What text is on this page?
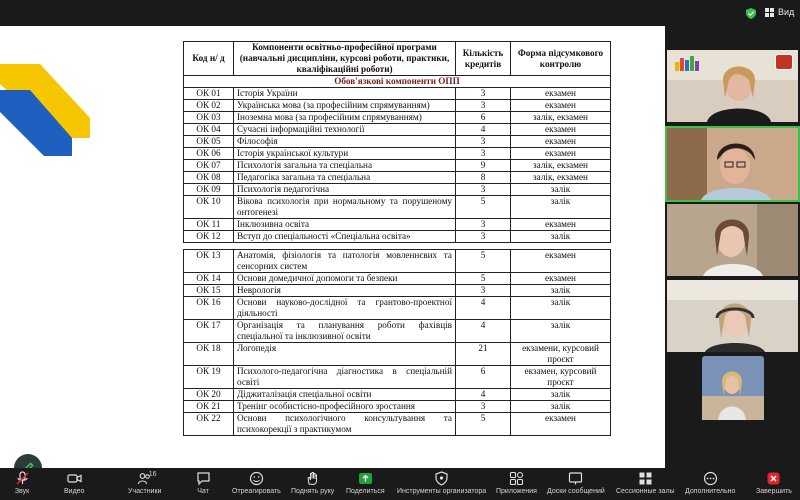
Вид
Код н/ д	Компоненти освітньо-професійної програми (навчальні дисципліни, курсові роботи, практики, кваліфікаційні роботи)	Кількість кредитів	Форма підсумкового контролю
Обов'язкові компоненти ОПП			
ОК 01	Історія України	3	екзамен
ОК 02	Українська мова (за професійним спрямуванням)	3	екзамен
ОК 03	Іноземна мова (за професійним спрямуванням)	6	залік, екзамен
ОК 04	Сучасні інформаційні технології	4	екзамен
ОК 05	Філософія	3	екзамен
ОК 06	Історія української культури	3	екзамен
ОК 07	Психологія загальна та спеціальна	9	залік, екзамен
ОК 08	Педагогіка загальна та спеціальна	8	залік, екзамен
ОК 09	Психологія педагогічна	3	залік
ОК 10	Вікова психологія при нормальному та порушеному онтогенезі	5	залік
ОК 11	Інклюзивна освіта	3	екзамен
ОК 12	Вступ до спеціальності «Спеціальна освіта»	3	залік

ОК 13	Анатомія, фізіологія та патологія мовленнєвих та сенсорних систем	5	екзамен
ОК 14	Основи домедичної допомоги та безпеки	5	екзамен
ОК 15	Неврологія	3	залік
ОК 16	Основи науково-дослідної та грантово-проектної діяльності	4	залік
ОК 17	Організація та планування роботи фахівців спеціальної та інклюзивної освіти	4	залік
ОК 18	Логопедія	21	екзамени, курсовий проєкт
ОК 19	Психолого-педагогічна діагностика в спеціальній освіті	6	екзамен, курсовий проєкт
ОК 20	Діджиталізація спеціальної освіти	4	залік
ОК 21	Тренінг особистісно-професійного зростання	3	залік
ОК 22	Основи психологічного консультування та психокорекції з практикумом	5	екзамен
Звук	Видео
16
Участники	Чат	Отреагировать Поднять руку Поделиться Инструменты организатора Приложения Доски сообщений Сессионные залы Дополнительно	Завершить
